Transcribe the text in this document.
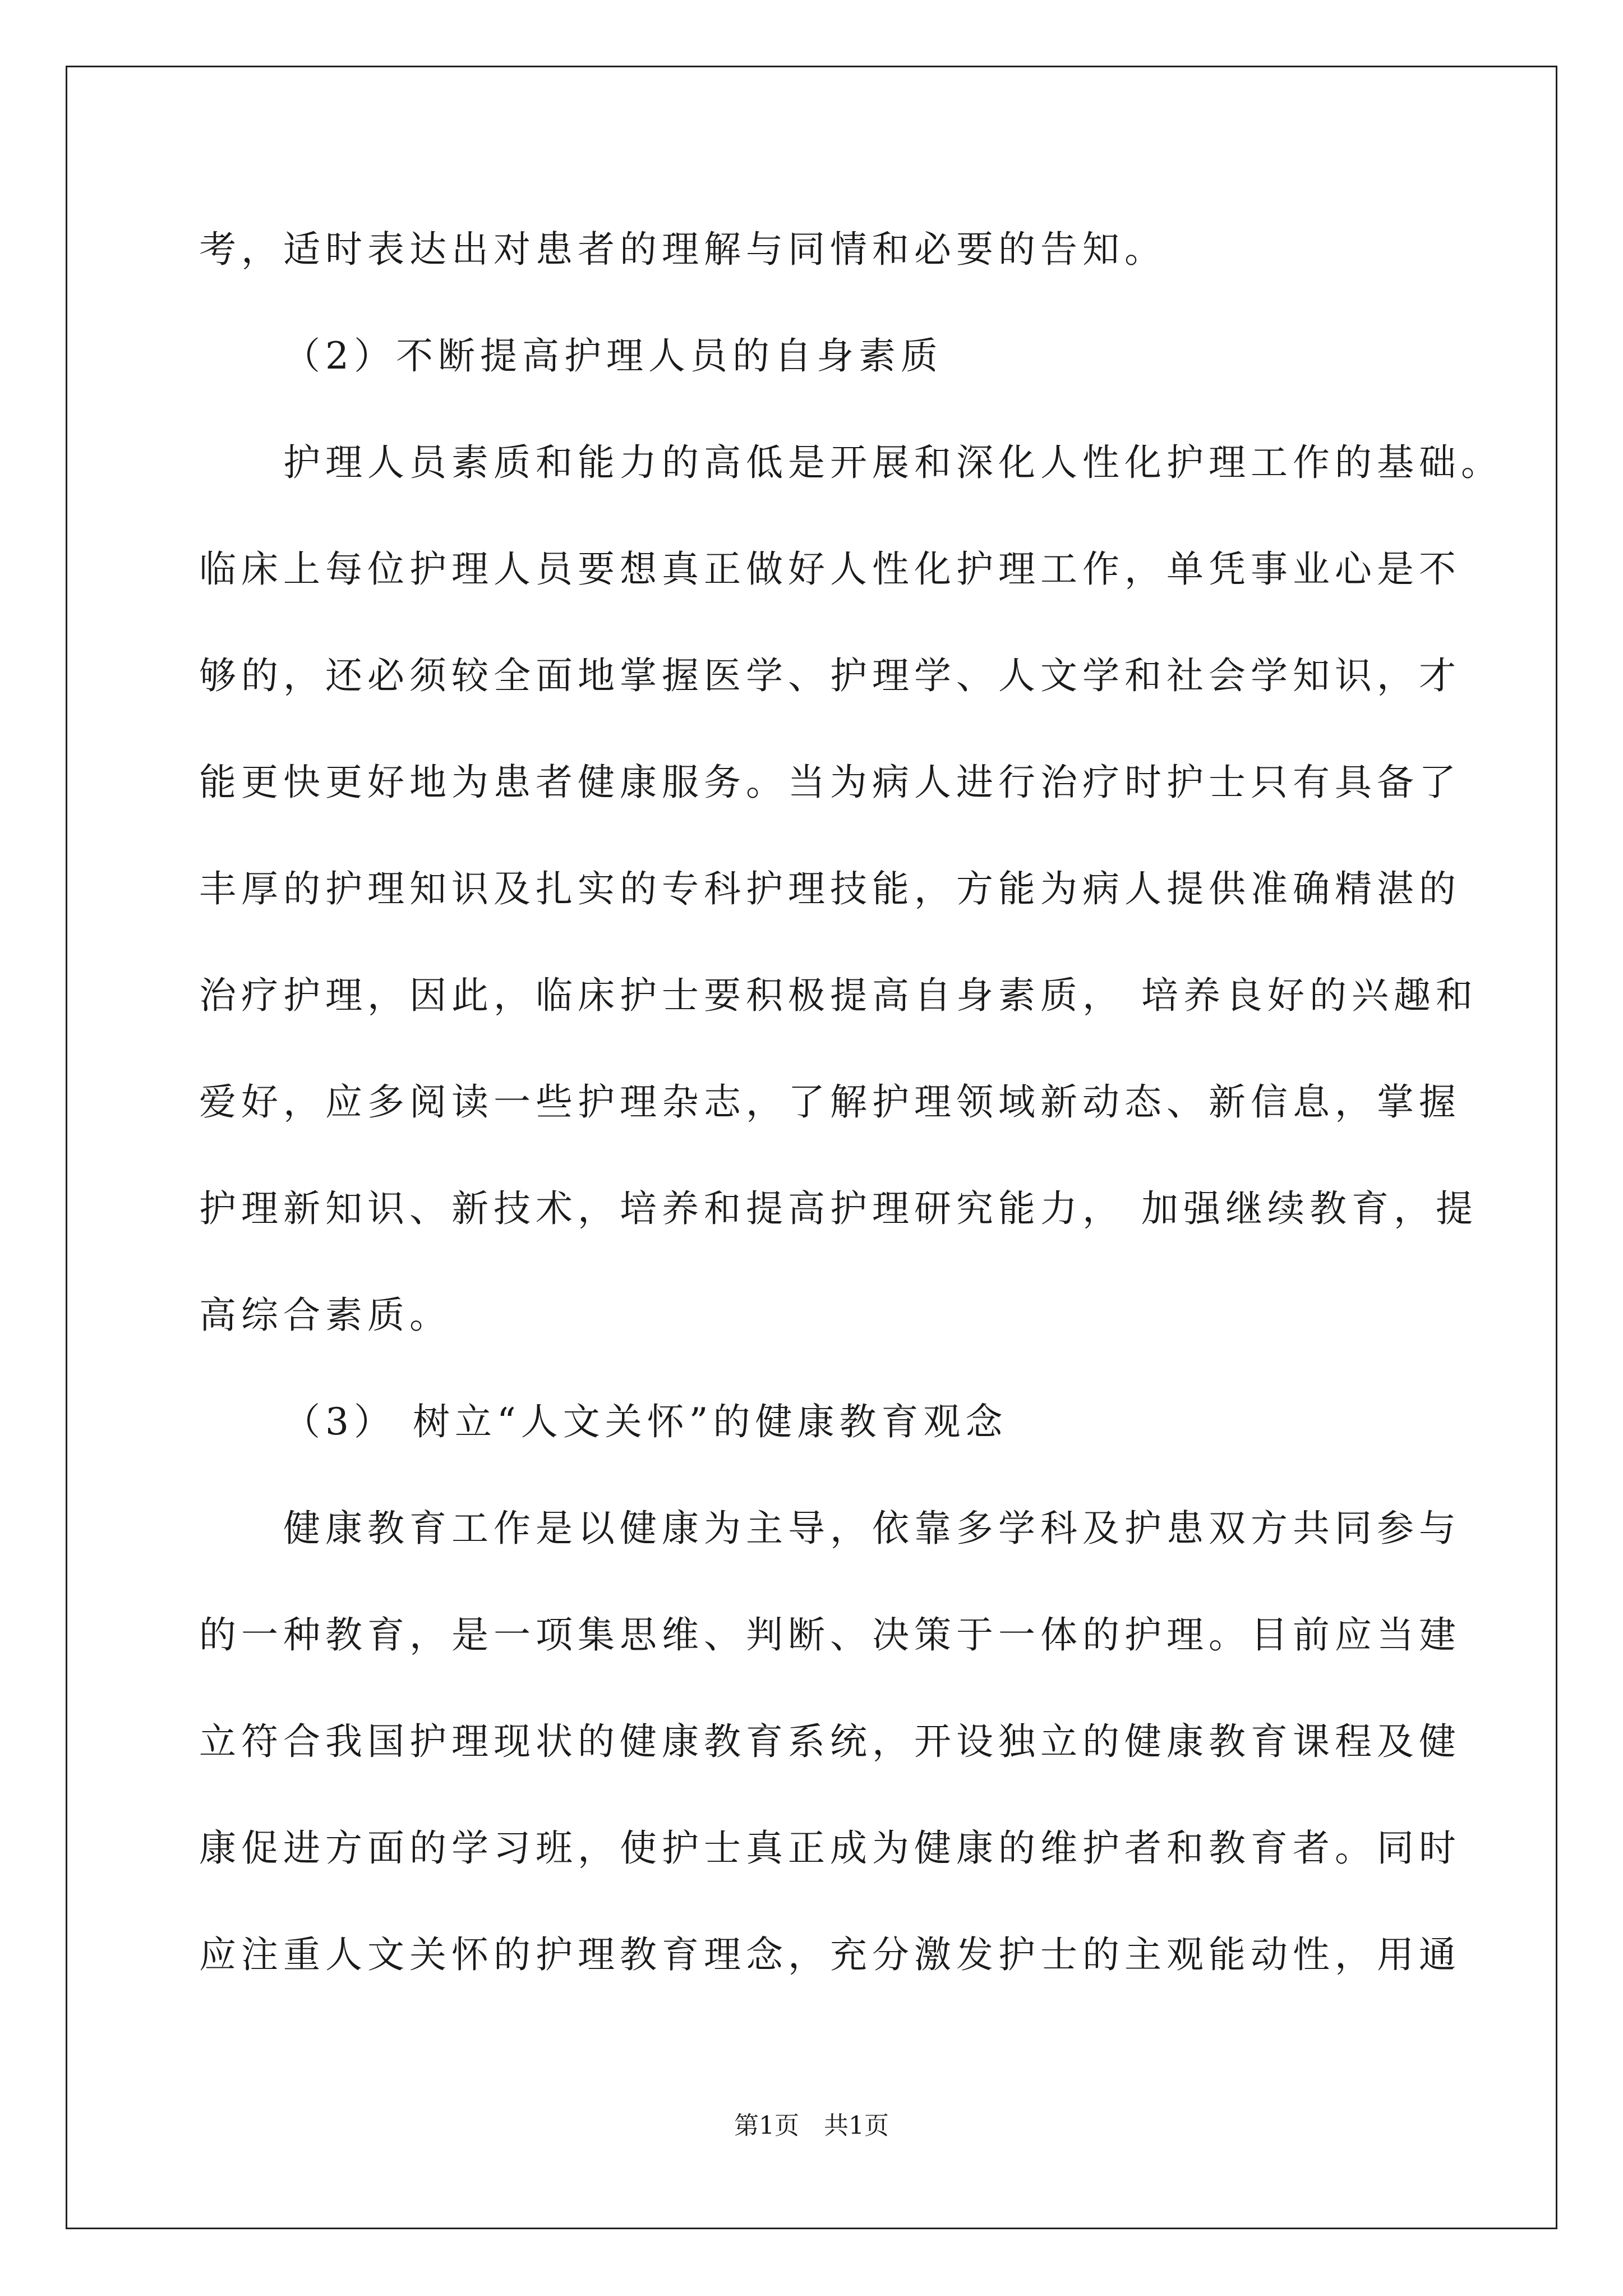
考，适时表达出对患者的理解与同情和必要的告知。

（2）不断提高护理人员的自身素质

护理人员素质和能力的高低是开展和深化人性化护理工作的基础。

临床上每位护理人员要想真正做好人性化护理工作，单凭事业心是不

够的，还必须较全面地掌握医学、护理学、人文学和社会学知识，才

能更快更好地为患者健康服务。当为病人进行治疗时护士只有具备了

丰厚的护理知识及扎实的专科护理技能，方能为病人提供准确精湛的

治疗护理，因此，临床护士要积极提高自身素质， 培养良好的兴趣和

爱好，应多阅读一些护理杂志，了解护理领域新动态、新信息，掌握

护理新知识、新技术，培养和提高护理研究能力， 加强继续教育，提

高综合素质。

（3） 树立“人文关怀”的健康教育观念

健康教育工作是以健康为主导，依靠多学科及护患双方共同参与

的一种教育，是一项集思维、判断、决策于一体的护理。目前应当建

立符合我国护理现状的健康教育系统，开设独立的健康教育课程及健

康促进方面的学习班，使护士真正成为健康的维护者和教育者。同时

应注重人文关怀的护理教育理念，充分激发护士的主观能动性，用通

第1页　共1页
